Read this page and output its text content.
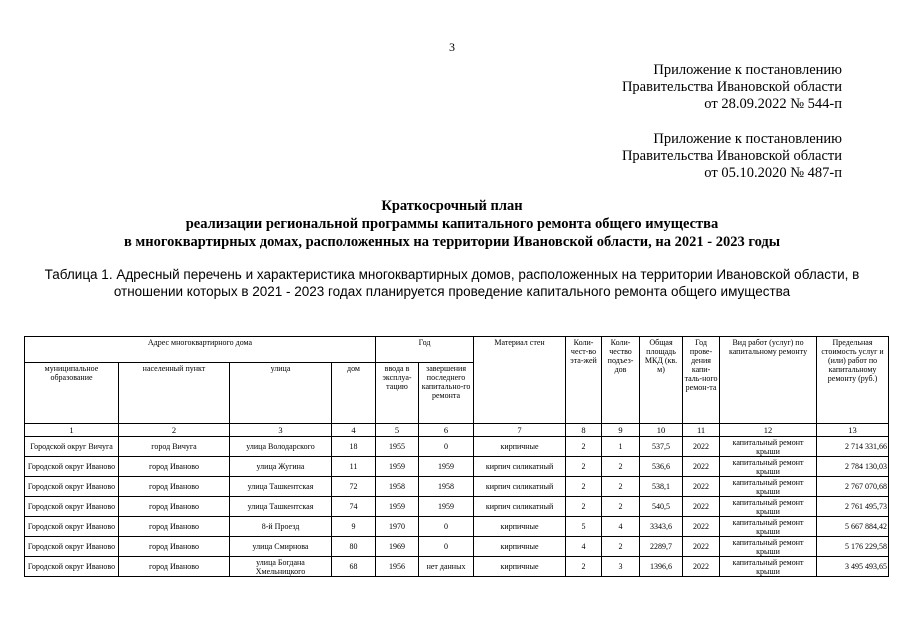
3
Приложение к постановлению
Правительства Ивановской области
от 28.09.2022 № 544-п
Приложение к постановлению
Правительства Ивановской области
от 05.10.2020 № 487-п
Краткосрочный план
реализации региональной программы капитального ремонта общего имущества
в многоквартирных домах, расположенных на территории Ивановской области, на 2021 - 2023 годы
Таблица 1. Адресный перечень и характеристика многоквартирных домов, расположенных на территории Ивановской области, в отношении которых в 2021 - 2023 годах планируется проведение капитального ремонта общего имущества
Адрес многоквартирного дома				Год		Материал стен	Коли-чест-во эта-жей	Коли-чество подъез-дов	Общая площадь МКД (кв. м)	Год прове-дения капи-таль-ного ремон-та	Вид работ (услуг) по капитальному ремонту	Предельная стоимость услуг и (или) работ по капитальному ремонту (руб.)
муниципальное образование	населенный пункт	улица	дом	ввода в эксплуа-тацию	завершения последнего капитально-го ремонта							
1	2	3	4	5	6	7	8	9	10	11	12	13
Городской округ Вичуга	город Вичуга	улица Володарского	18	1955	0	кирпичные	2	1	537,5	2022	капитальный ремонт крыши	2 714 331,66
Городской округ Иваново	город Иваново	улица Жугина	11	1959	1959	кирпич силикатный	2	2	536,6	2022	капитальный ремонт крыши	2 784 130,03
Городской округ Иваново	город Иваново	улица Ташкентская	72	1958	1958	кирпич силикатный	2	2	538,1	2022	капитальный ремонт крыши	2 767 070,68
Городской округ Иваново	город Иваново	улица Ташкентская	74	1959	1959	кирпич силикатный	2	2	540,5	2022	капитальный ремонт крыши	2 761 495,73
Городской округ Иваново	город Иваново	8-й Проезд	9	1970	0	кирпичные	5	4	3343,6	2022	капитальный ремонт крыши	5 667 884,42
Городской округ Иваново	город Иваново	улица Смирнова	80	1969	0	кирпичные	4	2	2289,7	2022	капитальный ремонт крыши	5 176 229,58
Городской округ Иваново	город Иваново	улица Богдана Хмельницкого	68	1956	нет данных	кирпичные	2	3	1396,6	2022	капитальный ремонт крыши	3 495 493,65
